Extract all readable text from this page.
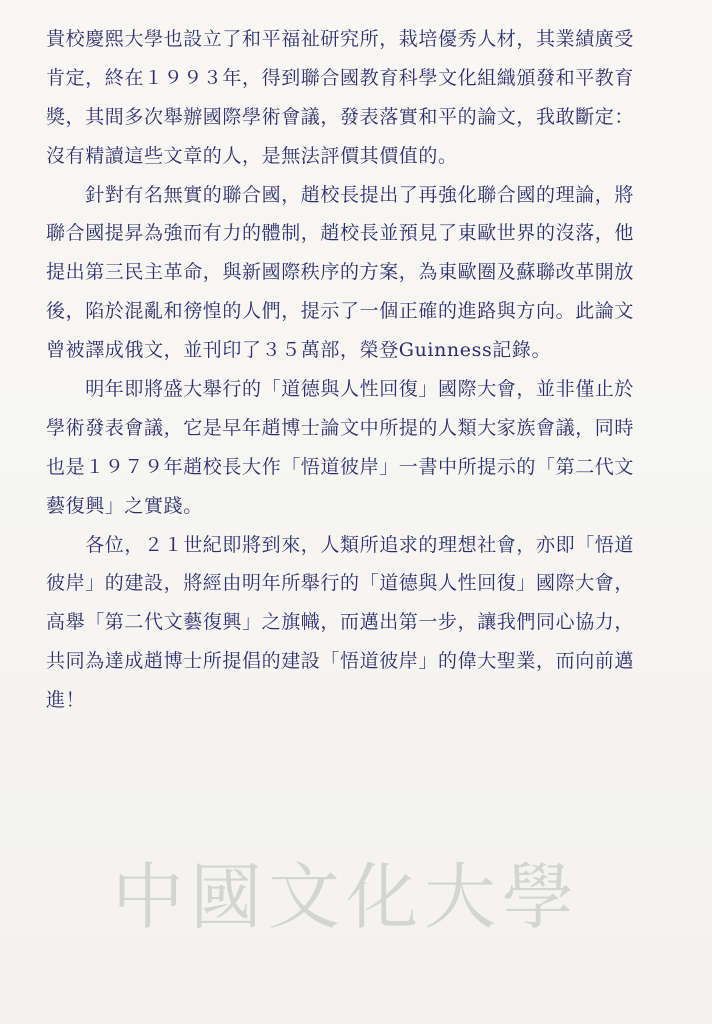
貴校慶熙大學也設立了和平福祉研究所，栽培優秀人材，其業績廣受
肯定，終在１９９３年，得到聯合國教育科學文化組織頒發和平教育
獎，其間多次舉辦國際學術會議，發表落實和平的論文，我敢斷定：
沒有精讀這些文章的人，是無法評價其價值的。
　　針對有名無實的聯合國，趙校長提出了再強化聯合國的理論，將
聯合國提昇為強而有力的體制，趙校長並預見了東歐世界的沒落，他
提出第三民主革命，與新國際秩序的方案，為東歐圈及蘇聯改革開放
後，陷於混亂和徬惶的人們，提示了一個正確的進路與方向。此論文
曾被譯成俄文，並刊印了３５萬部，榮登Guinness記錄。
　　明年即將盛大舉行的「道德與人性回復」國際大會，並非僅止於
學術發表會議，它是早年趙博士論文中所提的人類大家族會議，同時
也是１９７９年趙校長大作「悟道彼岸」一書中所提示的「第二代文
藝復興」之實踐。
　　各位，２１世紀即將到來，人類所追求的理想社會，亦即「悟道
彼岸」的建設，將經由明年所舉行的「道德與人性回復」國際大會，
高舉「第二代文藝復興」之旗幟，而邁出第一步，讓我們同心協力，
共同為達成趙博士所提倡的建設「悟道彼岸」的偉大聖業，而向前邁
進！
中國文化大學
